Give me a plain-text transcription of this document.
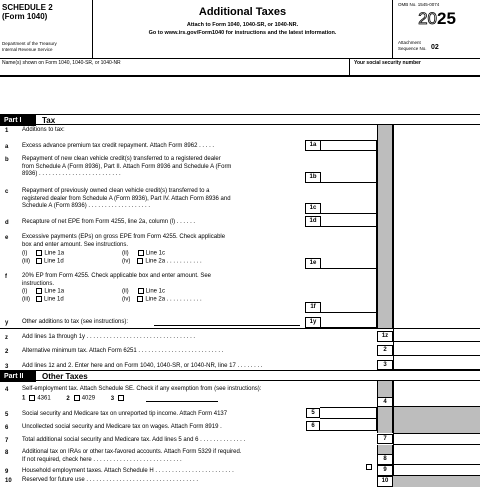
SCHEDULE 2
(Form 1040)
Department of the Treasury
Internal Revenue Service
Additional Taxes
Attach to Form 1040, 1040-SR, or 1040-NR.
Go to www.irs.gov/Form1040 for instructions and the latest information.
OMB No. 1545-0074
2025
Attachment
Sequence No. 02
Name(s) shown on Form 1040, 1040-SR, or 1040-NR	Your social security number
Part I	Tax
1 Additions to tax:
a Excess advance premium tax credit repayment. Attach Form 8962 . . . . .	1a
b Repayment of new clean vehicle credit(s) transferred to a registered dealer
from Schedule A (Form 8936), Part II. Attach Form 8936 and Schedule A (Form
8936) . . . . . . . . . . . . . . . . . . . . . . . . .	1b
c Repayment of previously owned clean vehicle credit(s) transferred to a
registered dealer from Schedule A (Form 8936), Part IV. Attach Form 8936 and
Schedule A (Form 8936) . . . . . . . . . . . . . . . . . . .	1c
d Recapture of net EPE from Form 4255, line 2a, column (l) . . . . . .	1d
e Excessive payments (EPs) on gross EPE from Form 4255. Check applicable
box and enter amount. See instructions.
(i)	Line 1a	(ii)	Line 1c
(iii) Line 1d	(iv)	Line 2a . . . . . . . . . . .	1e
f	20% EP from Form 4255. Check applicable box and enter amount. See
instructions.
(i)	Line 1a	(ii)	Line 1c
(iii) Line 1d	(iv)	Line 2a . . . . . . . . . . .
1f
y Other additions to tax (see instructions):	1y
z Add lines 1a through 1y . . . . . . . . . . . . . . . . . . . . . . . . . . . . . . . . .	1z
2 Alternative minimum tax. Attach Form 6251 . . . . . . . . . . . . . . . . . . . . . . . . . .	2
3 Add lines 1z and 2. Enter here and on Form 1040, 1040-SR, or 1040-NR, line 17 . . . . . . . .	3
Part II	Other Taxes
4 Self-employment tax. Attach Schedule SE. Check if any exemption from (see instructions):
1 4361	2 4029	3
4
5 Social security and Medicare tax on unreported tip income. Attach Form 4137	5
6 Uncollected social security and Medicare tax on wages. Attach Form 8919 .	6
7 Total additional social security and Medicare tax. Add lines 5 and 6 . . . . . . . . . . . . . .	7
8 Additional tax on IRAs or other tax-favored accounts. Attach Form 5329 if required.
If not required, check here . . . . . . . . . . . . . . . . . . . . . . . . . . .	8
9 Household employment taxes. Attach Schedule H . . . . . . . . . . . . . . . . . . . . . . . .	9
10 Reserved for future use . . . . . . . . . . . . . . . . . . . . . . . . . . . . . . . . . .	10
